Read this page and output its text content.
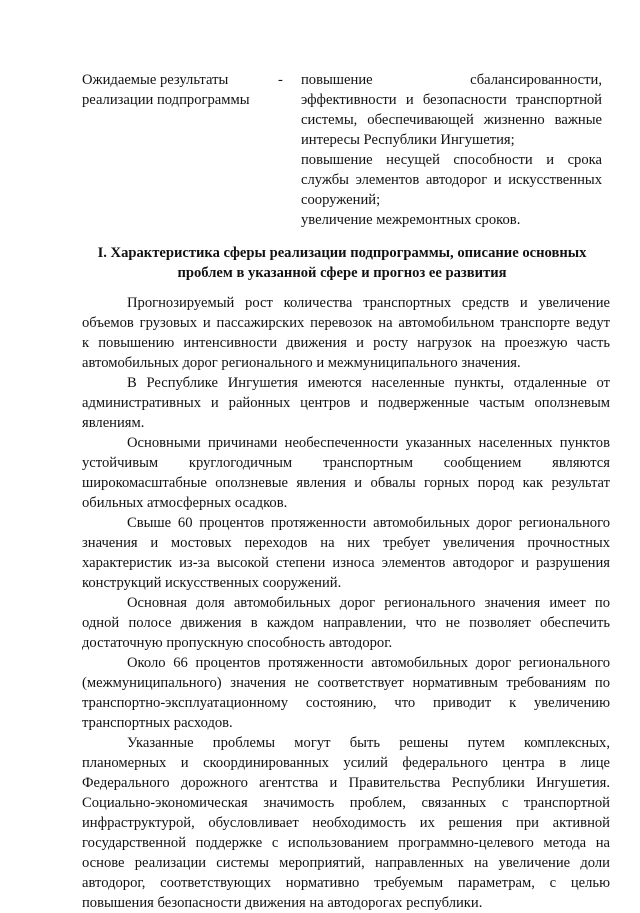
Ожидаемые результаты
реализации подпрограммы
- повышение сбалансированности,
эффективности и безопасности транспортной
системы, обеспечивающей жизненно важные
интересы Республики Ингушетия;
повышение несущей способности и срока
службы элементов автодорог и искусственных
сооружений;
увеличение межремонтных сроков.
I. Характеристика сферы реализации подпрограммы, описание основных
проблем в указанной сфере и прогноз ее развития
Прогнозируемый рост количества транспортных средств и увеличение
объемов грузовых и пассажирских перевозок на автомобильном транспорте ведут
к повышению интенсивности движения и росту нагрузок на проезжую часть
автомобильных дорог регионального и межмуниципального значения.
В Республике Ингушетия имеются населенные пункты, отдаленные от
административных и районных центров и подверженные частым оползневым
явлениям.
Основными причинами необеспеченности указанных населенных пунктов
устойчивым круглогодичным транспортным сообщением являются
широкомасштабные оползневые явления и обвалы горных пород как результат
обильных атмосферных осадков.
Свыше 60 процентов протяженности автомобильных дорог регионального
значения и мостовых переходов на них требует увеличения прочностных
характеристик из-за высокой степени износа элементов автодорог и разрушения
конструкций искусственных сооружений.
Основная доля автомобильных дорог регионального значения имеет по
одной полосе движения в каждом направлении, что не позволяет обеспечить
достаточную пропускную способность автодорог.
Около 66 процентов протяженности автомобильных дорог регионального
(межмуниципального) значения не соответствует нормативным требованиям по
транспортно-эксплуатационному состоянию, что приводит к увеличению
транспортных расходов.
Указанные проблемы могут быть решены путем комплексных,
планомерных и скоординированных усилий федерального центра в лице
Федерального дорожного агентства и Правительства Республики Ингушетия.
Социально-экономическая значимость проблем, связанных с транспортной
инфраструктурой, обусловливает необходимость их решения при активной
государственной поддержке с использованием программно-целевого метода на
основе реализации системы мероприятий, направленных на увеличение доли
автодорог, соответствующих нормативно требуемым параметрам, с целью
повышения безопасности движения на автодорогах республики.
